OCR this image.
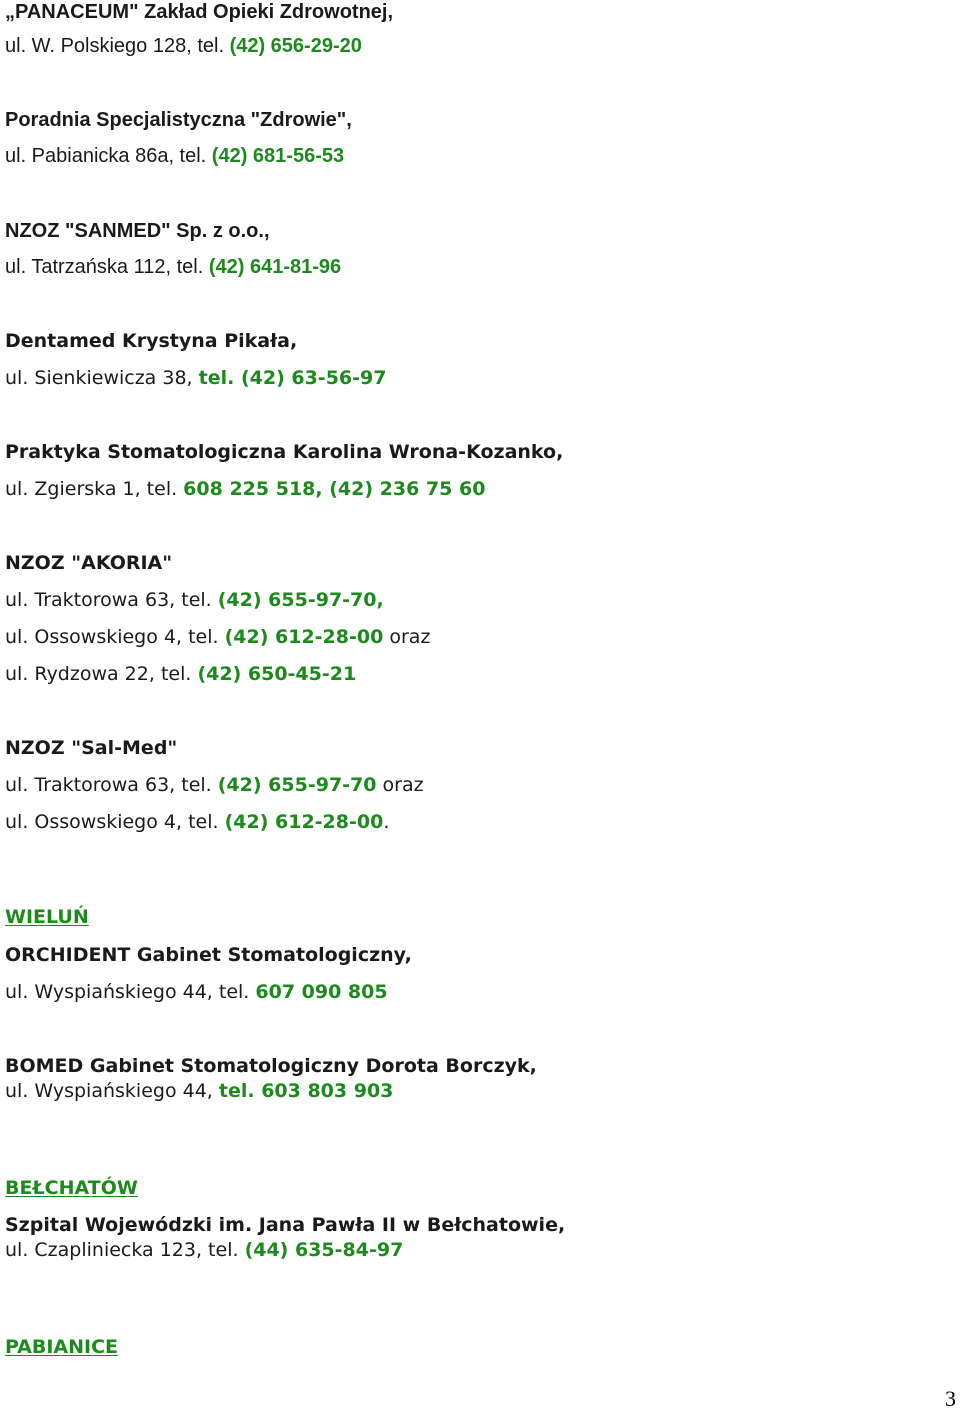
„PANACEUM" Zakład Opieki Zdrowotnej,
ul. W. Polskiego 128, tel. (42) 656-29-20
Poradnia Specjalistyczna "Zdrowie",
ul. Pabianicka 86a, tel. (42) 681-56-53
NZOZ "SANMED" Sp. z o.o.,
ul. Tatrzańska 112, tel. (42) 641-81-96
Dentamed Krystyna Pikała,
ul. Sienkiewicza 38, tel. (42) 63-56-97
Praktyka Stomatologiczna Karolina Wrona-Kozanko,
ul. Zgierska 1, tel. 608 225 518, (42) 236 75 60
NZOZ "AKORIA"
ul. Traktorowa 63, tel. (42) 655-97-70,
ul. Ossowskiego 4, tel. (42) 612-28-00 oraz
ul. Rydzowa 22, tel. (42) 650-45-21
NZOZ "Sal-Med"
ul. Traktorowa 63, tel. (42) 655-97-70 oraz
ul. Ossowskiego 4, tel. (42) 612-28-00.
WIELUŃ
ORCHIDENT Gabinet Stomatologiczny,
ul. Wyspiańskiego 44, tel. 607 090 805
BOMED Gabinet Stomatologiczny Dorota Borczyk,
ul. Wyspiańskiego 44, tel. 603 803 903
BEŁCHATÓW
Szpital Wojewódzki im. Jana Pawła II w Bełchatowie,
ul. Czapliniecka 123, tel. (44) 635-84-97
PABIANICE
3
